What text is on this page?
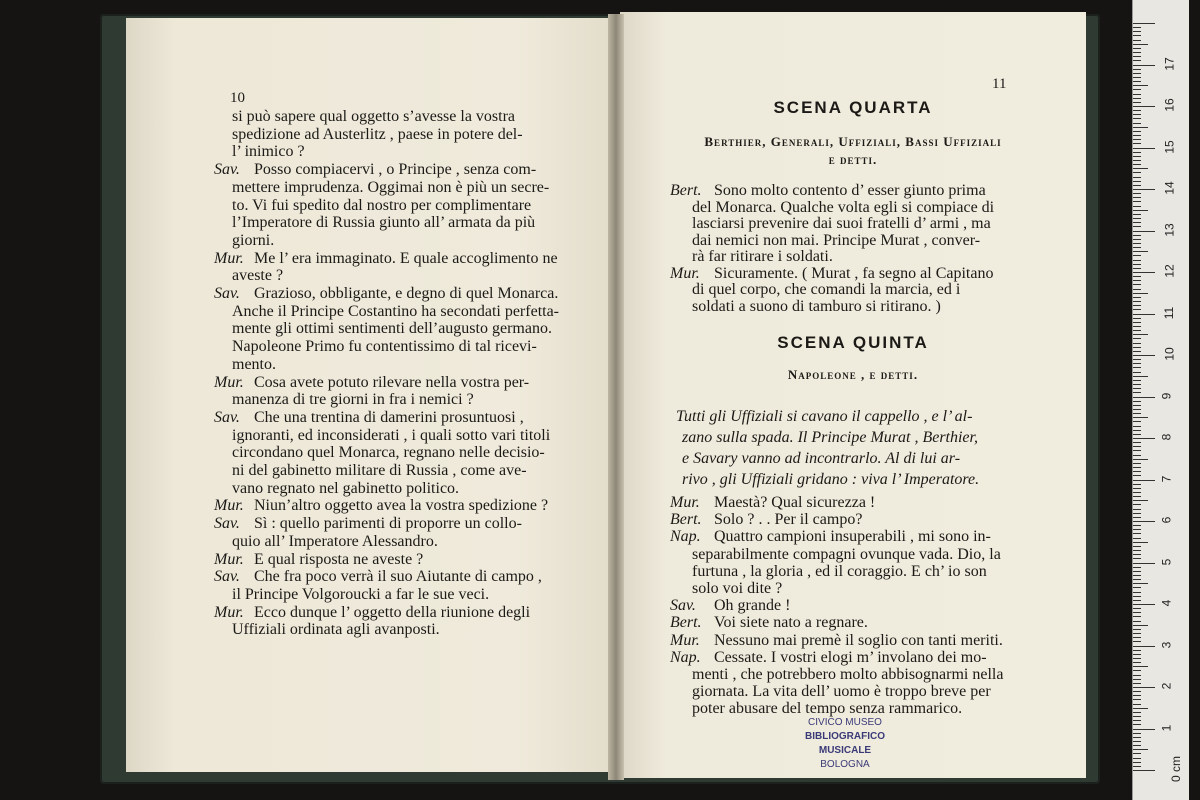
10
si può sapere qual oggetto s’avesse la vostra
spedizione ad Austerlitz , paese in potere del-
l’ inimico ?
Sav. Posso compiacervi , o Principe , senza com-
mettere imprudenza. Oggimai non è più un secre-
to. Vi fui spedito dal nostro per complimentare
l’Imperatore di Russia giunto all’ armata da più
giorni.
Mur. Me l’ era immaginato. E quale accoglimento ne
aveste ?
Sav. Grazioso, obbligante, e degno di quel Monarca.
Anche il Principe Costantino ha secondati perfetta-
mente gli ottimi sentimenti dell’augusto germano.
Napoleone Primo fu contentissimo di tal ricevi-
mento.
Mur. Cosa avete potuto rilevare nella vostra per-
manenza di tre giorni in fra i nemici ?
Sav. Che una trentina di damerini prosuntuosi ,
ignoranti, ed inconsiderati , i quali sotto vari titoli
circondano quel Monarca, regnano nelle decisio-
ni del gabinetto militare di Russia , come ave-
vano regnato nel gabinetto politico.
Mur. Niun’altro oggetto avea la vostra spedizione ?
Sav. Sì : quello parimenti di proporre un collo-
quio all’ Imperatore Alessandro.
Mur. E qual risposta ne aveste ?
Sav. Che fra poco verrà il suo Aiutante di campo ,
il Principe Volgoroucki a far le sue veci.
Mur. Ecco dunque l’ oggetto della riunione degli
Uffiziali ordinata agli avanposti.
11
SCENA QUARTA
Berthier, Generali, Uffiziali, Bassi Uffiziali
e detti.
SCENA QUINTA
Napoleone , e detti.
Bert. Sono molto contento d’ esser giunto prima
del Monarca. Qualche volta egli si compiace di
lasciarsi prevenire dai suoi fratelli d’ armi , ma
dai nemici non mai. Principe Murat , conver-
rà far ritirare i soldati.
Mur. Sicuramente. ( Murat , fa segno al Capitano
di quel corpo, che comandi la marcia, ed i
soldati a suono di tamburo si ritirano. )
Tutti gli Uffiziali si cavano il cappello , e l’ al-
zano sulla spada. Il Principe Murat , Berthier,
e Savary vanno ad incontrarlo. Al di lui ar-
rivo , gli Uffiziali gridano : viva l’ Imperatore.
Mur. Maestà? Qual sicurezza !
Bert. Solo ? . . Per il campo?
Nap. Quattro campioni insuperabili , mi sono in-
separabilmente compagni ovunque vada. Dio, la
furtuna , la gloria , ed il coraggio. E ch’ io son
solo voi dite ?
Sav. Oh grande !
Bert. Voi siete nato a regnare.
Mur. Nessuno mai premè il soglio con tanti meriti.
Nap. Cessate. I vostri elogi m’ involano dei mo-
menti , che potrebbero molto abbisognarmi nella
giornata. La vita dell’ uomo è troppo breve per
poter abusare del tempo senza rammarico.
CIVICO MUSEO
BIBLIOGRAFICO MUSICALE
BOLOGNA	0 cm
1
2
3
4
5
6
7
8
9
10
11
12
13
14
15
16
17
